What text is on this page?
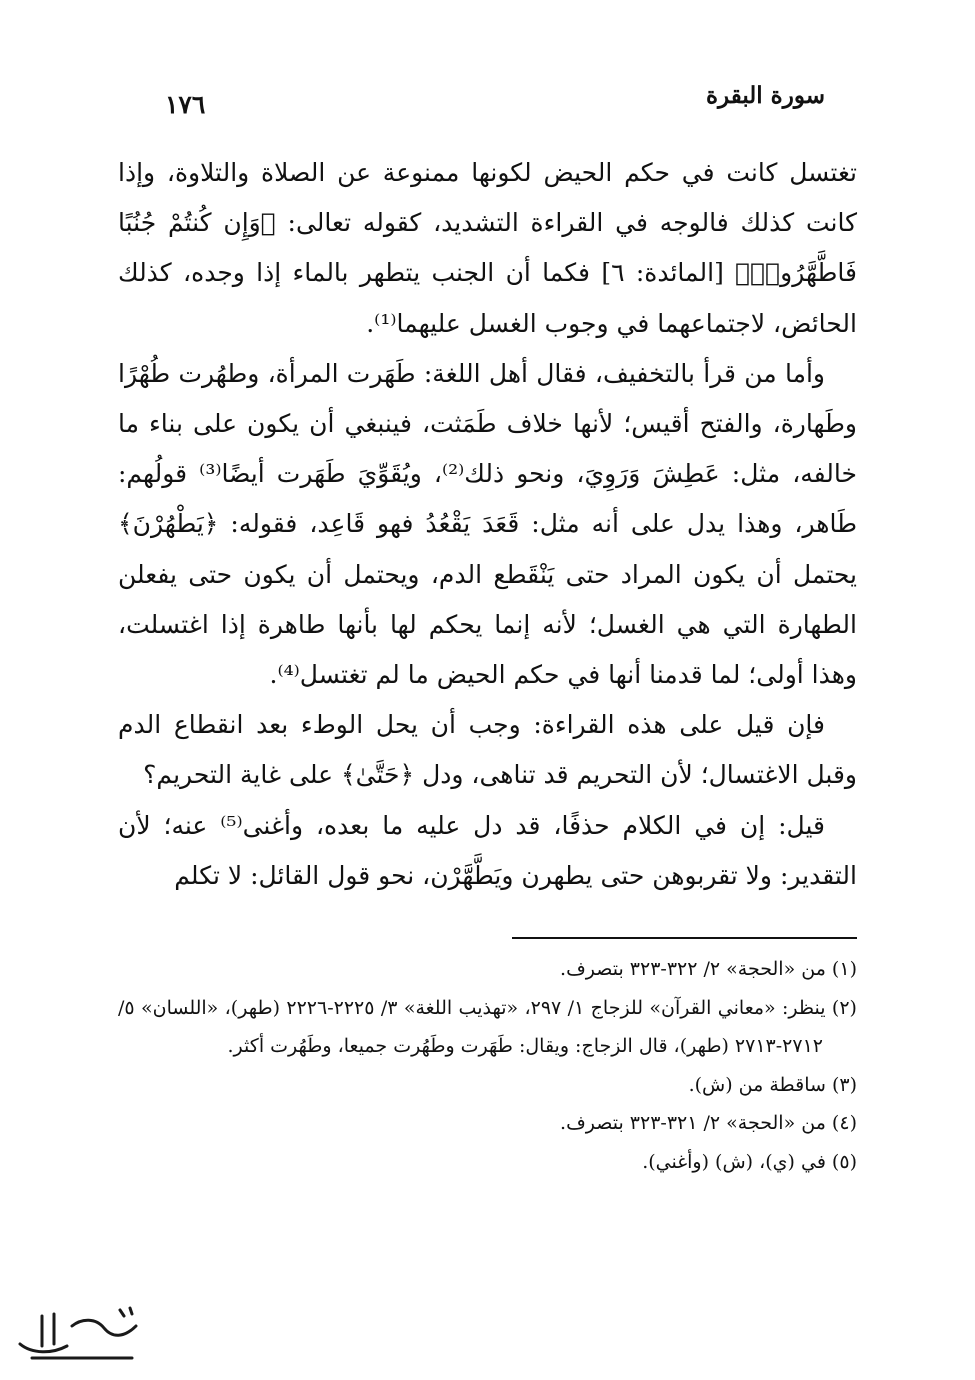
سورة البقرة
١٧٦

تغتسل كانت في حكم الحيض لكونها ممنوعة عن الصلاة والتلاوة، وإذا كانت كذلك فالوجه في القراءة التشديد، كقوله تعالى: ﴿وَإِن كُنتُمْ جُنُبًا فَاطَّهَّرُوا۟﴾ [المائدة: ٦] فكما أن الجنب يتطهر بالماء إذا وجده، كذلك الحائض، لاجتماعهما في وجوب الغسل عليهما⁽¹⁾.

وأما من قرأ بالتخفيف، فقال أهل اللغة: طَهَرت المرأة، وطهُرت طُهْرًا وطَهارة، والفتح أقيس؛ لأنها خلاف طَمَثت، فينبغي أن يكون على بناء ما خالفه، مثل: عَطِشَ وَرَوِيَ، ونحو ذلك⁽²⁾، ويُقَوِّيَ طَهَرت أيضًا⁽³⁾ قولُهم: طَاهر، وهذا يدل على أنه مثل: قَعَدَ يَقْعُدُ فهو قَاعِد، فقوله: ﴿يَطْهُرْنَ﴾ يحتمل أن يكون المراد حتى يَنْقَطع الدم، ويحتمل أن يكون حتى يفعلن الطهارة التي هي الغسل؛ لأنه إنما يحكم لها بأنها طاهرة إذا اغتسلت، وهذا أولى؛ لما قدمنا أنها في حكم الحيض ما لم تغتسل⁽⁴⁾.

فإن قيل على هذه القراءة: وجب أن يحل الوطء بعد انقطاع الدم وقبل الاغتسال؛ لأن التحريم قد تناهى، ودل ﴿حَتَّىٰ﴾ على غاية التحريم؟

قيل: إن في الكلام حذفًا، قد دل عليه ما بعده، وأغنى⁽⁵⁾ عنه؛ لأن التقدير: ولا تقربوهن حتى يطهرن ويَطَّهَّرْن، نحو قول القائل: لا تكلم

(١) من «الحجة» ٢/ ٣٢٢-٣٢٣ بتصرف.
(٢) ينظر: «معاني القرآن» للزجاج ١/ ٢٩٧، «تهذيب اللغة» ٣/ ٢٢٢٥-٢٢٢٦ (طهر)، «اللسان» ٥/ ٢٧١٢-٢٧١٣ (طهر)، قال الزجاج: ويقال: طَهَرت وطَهُرت جميعا، وطَهُرت أكثر.
(٣) ساقطة من (ش).
(٤) من «الحجة» ٢/ ٣٢١-٣٢٣ بتصرف.
(٥) في (ي)، (ش) (وأغني).
